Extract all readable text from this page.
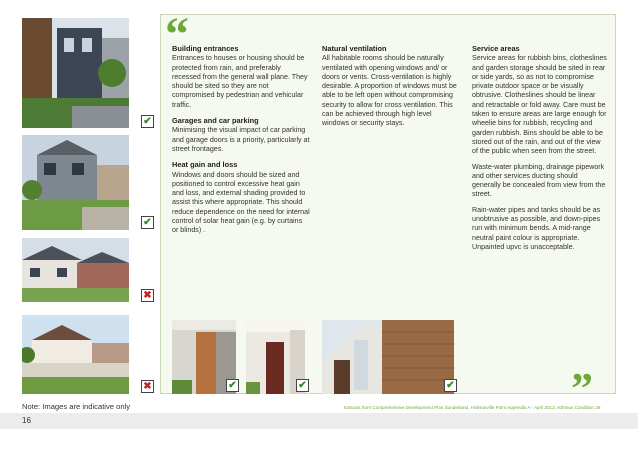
✔
✔
✖
✖
“
”
Building entrances

Entrances to houses or housing should be protected from rain, and preferably recessed from the general wall plane. They should be sited so they are not compromised by pedestrian and vehicular traffic.

Garages and car parking

Minimising the visual impact of car parking and garage doors is a priority, particularly at street frontages.

Heat gain and loss

Windows and doors should be sized and positioned to control excessive heat gain and loss, and external shading provided to assist this where appropriate. This should reduce dependence on the need for internal control of solar heat gain (e.g. by curtains or blinds) .

Natural ventilation

All habitable rooms should be naturally ventilated with opening windows and/ or doors or vents. Cross-ventilation is highly desirable. A proportion of windows must be able to be left open without compromising security to allow for cross ventilation. This can be achieved through high level windows or security stays.

Service areas

Service areas for rubbish bins, clotheslines and garden storage should be sited in rear or side yards, so as not to compromise private outdoor space or be visually obtrusive. Clotheslines should be linear and retractable or fold away. Care must be taken to ensure areas are large enough for wheelie bins for rubbish, recycling and garden rubbish. Bins should be able to be stored out of the rain, and out of the view of the public when seen from the street.

Waste-water plumbing, drainage pipework and other services ducting should generally be concealed from view from the street.

Rain-water pipes and tanks should be as unobtrusive as possible, and down-pipes run with minimum bends. A mid-range neutral paint colour is appropriate. Unpainted upvc is unacceptable.

✔	✔	✔
Note: Images are indicative only	Extracts from Comprehensive Development Plan Sunderland, Hobsonville Point Appendix A - April 2013, Isthmus Condition 29
16
